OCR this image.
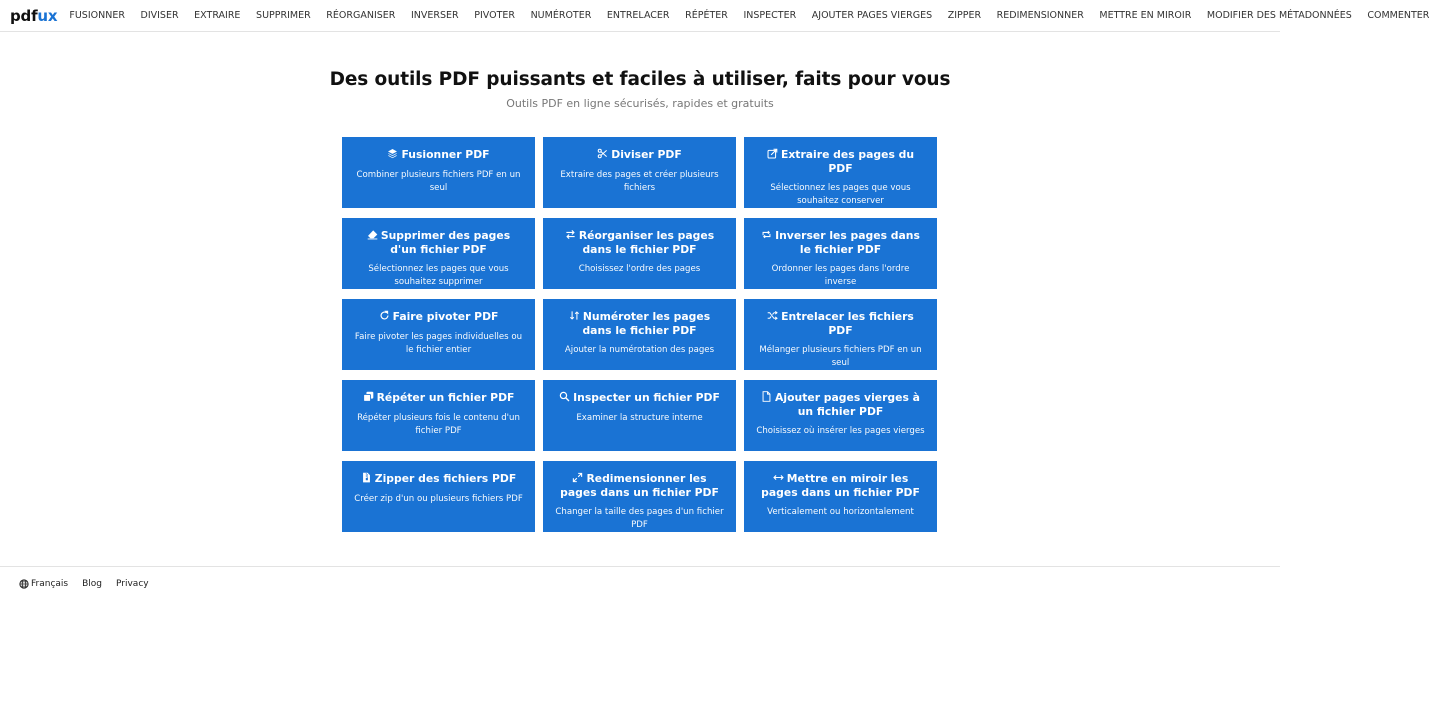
pdfux FUSIONNER DIVISER EXTRAIRE SUPPRIMER RÉORGANISER INVERSER PIVOTER NUMÉROTER ENTRELACER RÉPÉTER INSPECTER AJOUTER PAGES VIERGES ZIPPER REDIMENSIONNER METTRE EN MIROIR MODIFIER DES MÉTADONNÉES COMMENTER
Des outils PDF puissants et faciles à utiliser, faits pour vous

Outils PDF en ligne sécurisés, rapides et gratuits

Fusionner PDF
Combiner plusieurs fichiers PDF en un seul
Diviser PDF
Extraire des pages et créer plusieurs fichiers
Extraire des pages du PDF
Sélectionnez les pages que vous souhaitez conserver
Supprimer des pages d'un fichier PDF
Sélectionnez les pages que vous souhaitez supprimer
Réorganiser les pages dans le fichier PDF
Choisissez l'ordre des pages
Inverser les pages dans le fichier PDF
Ordonner les pages dans l'ordre inverse
Faire pivoter PDF
Faire pivoter les pages individuelles ou le fichier entier
Numéroter les pages dans le fichier PDF
Ajouter la numérotation des pages
Entrelacer les fichiers PDF
Mélanger plusieurs fichiers PDF en un seul
Répéter un fichier PDF
Répéter plusieurs fois le contenu d'un fichier PDF
Inspecter un fichier PDF
Examiner la structure interne
Ajouter pages vierges à un fichier PDF
Choisissez où insérer les pages vierges
Zipper des fichiers PDF
Créer zip d'un ou plusieurs fichiers PDF
Redimensionner les pages dans un fichier PDF
Changer la taille des pages d'un fichier PDF
Mettre en miroir les pages dans un fichier PDF
Verticalement ou horizontalement
Français Blog Privacy
